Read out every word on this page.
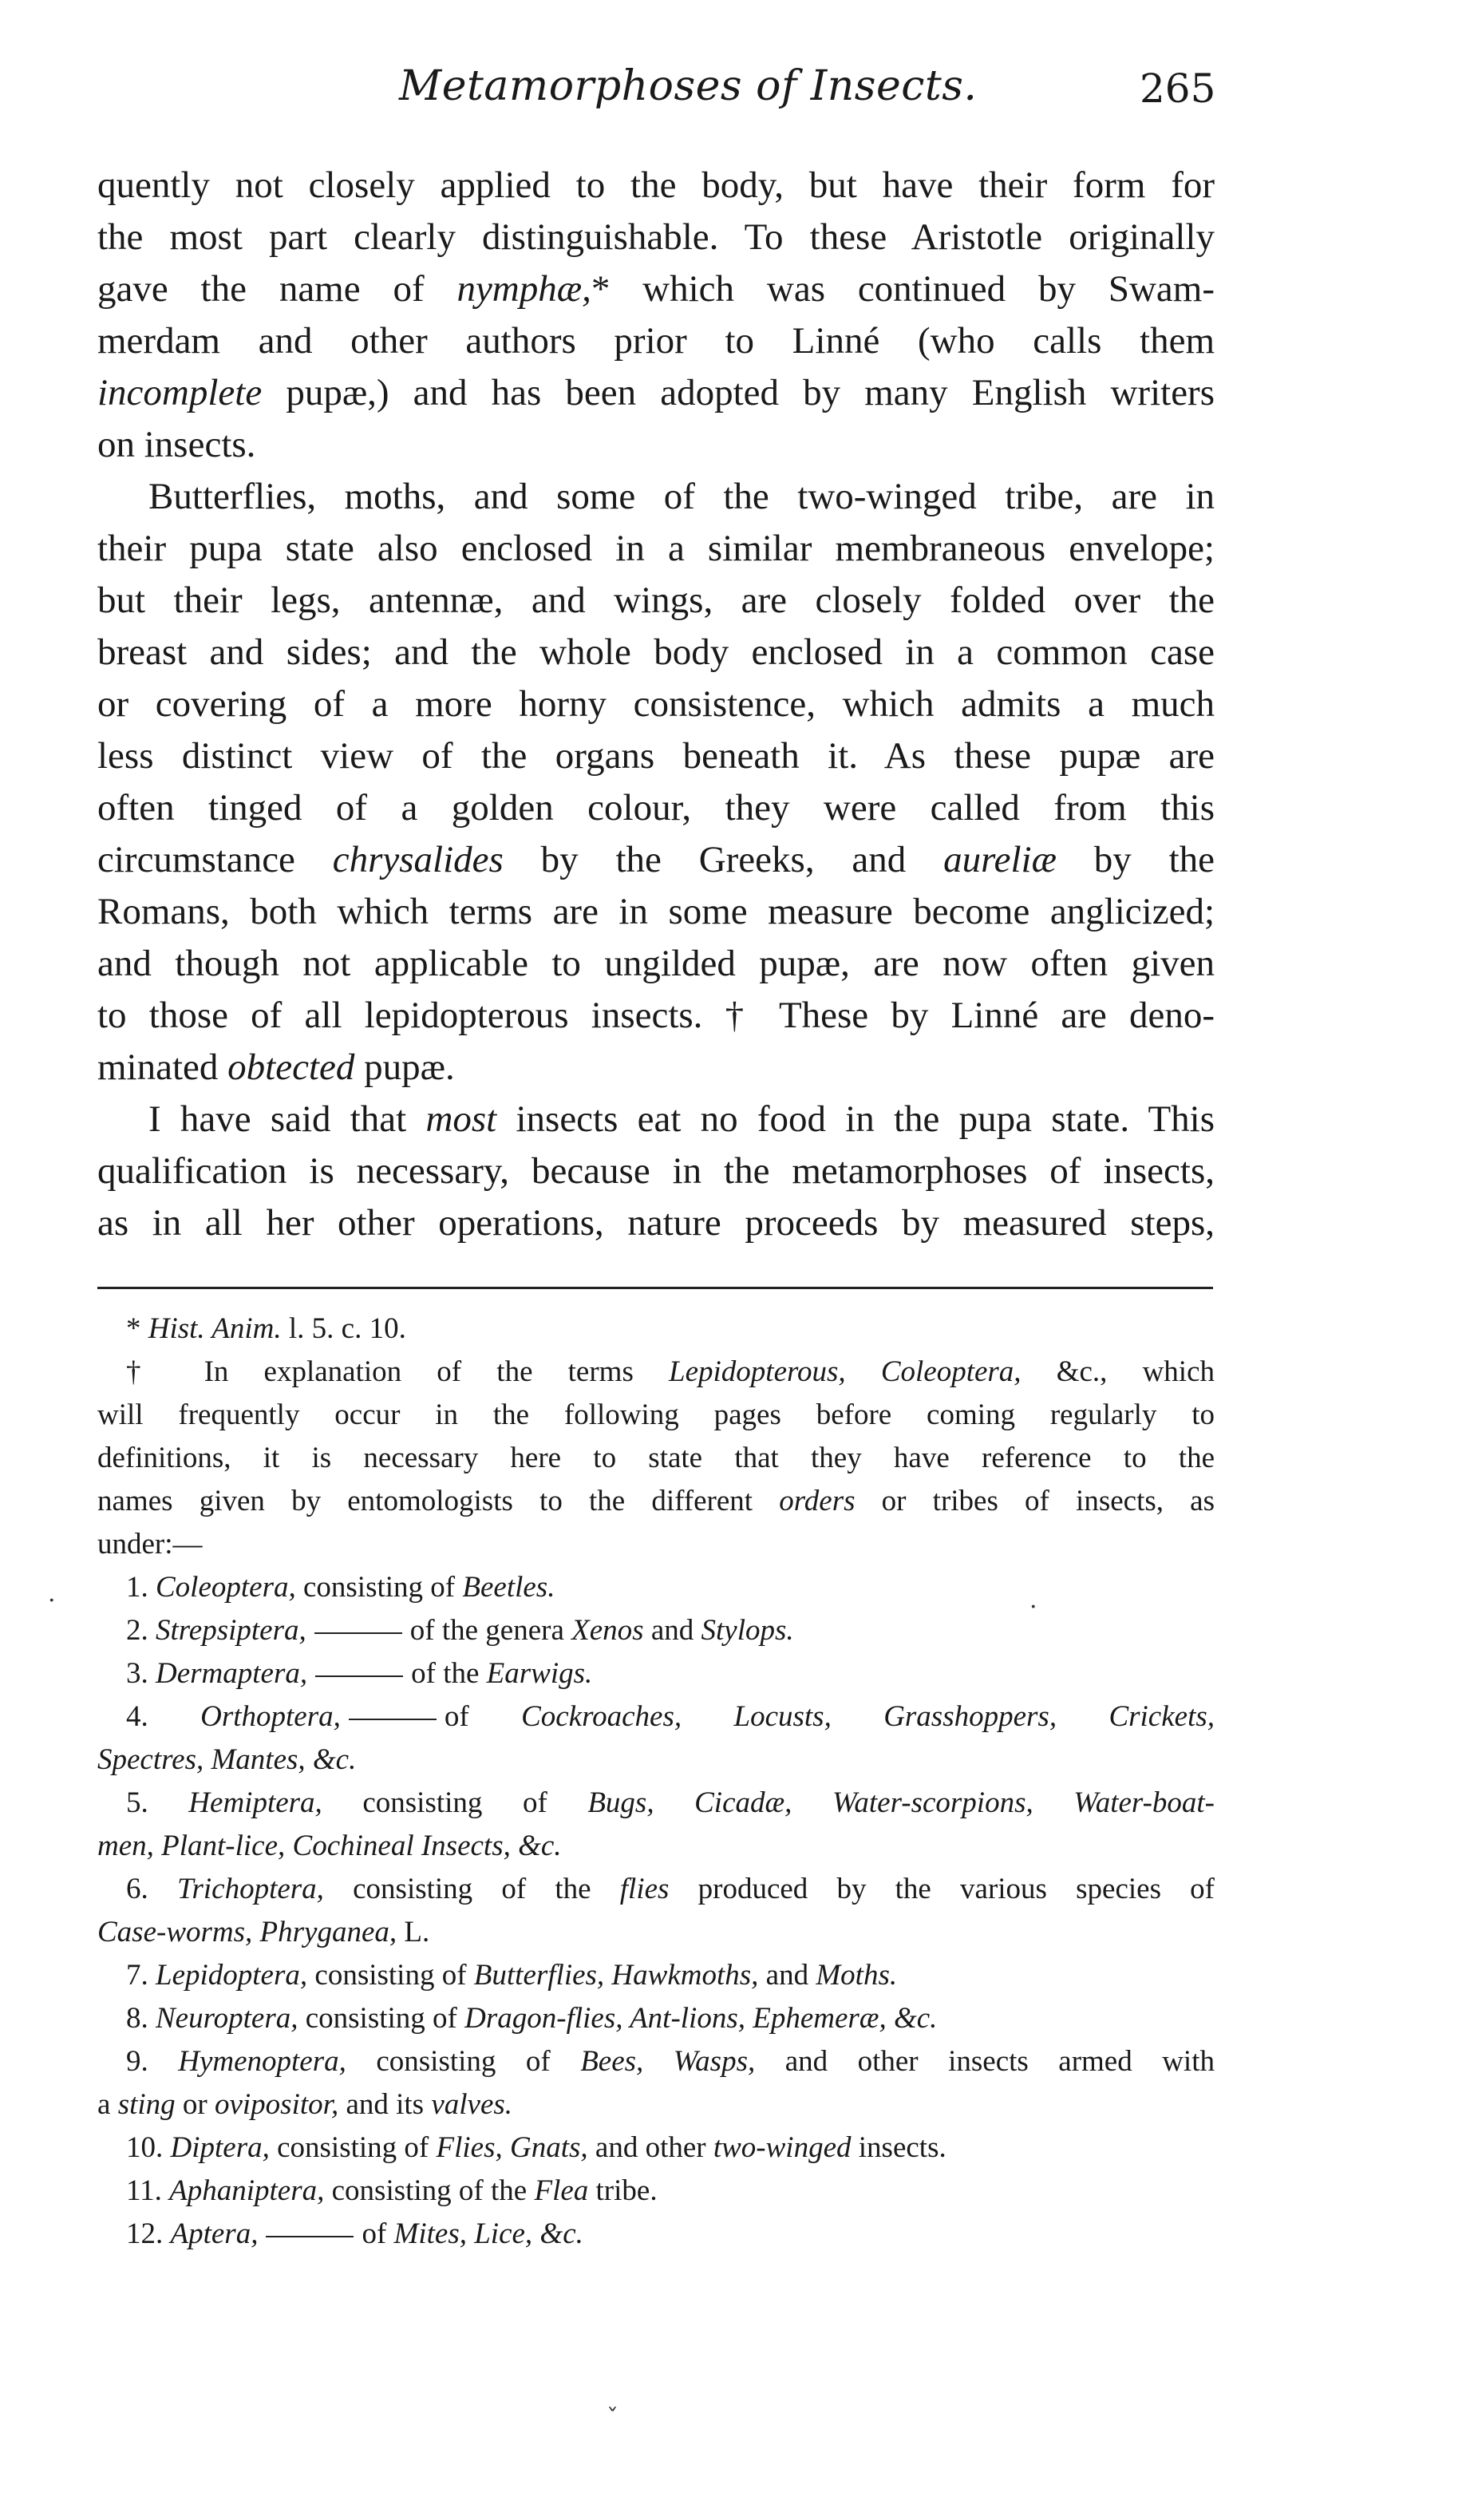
Metamorphoses of Insects.	265

quently not closely applied to the body, but have their form for
the most part clearly distinguishable. To these Aristotle originally
gave the name of nymphæ,* which was continued by Swam-
merdam and other authors prior to Linné (who calls them
incomplete pupæ,) and has been adopted by many English writers
on insects.

Butterflies, moths, and some of the two-winged tribe, are in
their pupa state also enclosed in a similar membraneous envelope;
but their legs, antennæ, and wings, are closely folded over the
breast and sides; and the whole body enclosed in a common case
or covering of a more horny consistence, which admits a much
less distinct view of the organs beneath it. As these pupæ are
often tinged of a golden colour, they were called from this
circumstance chrysalides by the Greeks, and aureliæ by the
Romans, both which terms are in some measure become anglicized;
and though not applicable to ungilded pupæ, are now often given
to those of all lepidopterous insects. † These by Linné are deno-
minated obtected pupæ.

I have said that most insects eat no food in the pupa state. This
qualification is necessary, because in the metamorphoses of insects,
as in all her other operations, nature proceeds by measured steps,

* Hist. Anim. l. 5. c. 10.
† In explanation of the terms Lepidopterous, Coleoptera, &c., which
will frequently occur in the following pages before coming regularly to
definitions, it is necessary here to state that they have reference to the
names given by entomologists to the different orders or tribes of insects, as
under:—
1. Coleoptera, consisting of Beetles.
2. Strepsiptera,	of the genera Xenos and Stylops.
3. Dermaptera,	of the Earwigs.
4. Orthoptera,	of Cockroaches, Locusts, Grasshoppers, Crickets,
Spectres, Mantes, &c.
5. Hemiptera, consisting of Bugs, Cicadæ, Water-scorpions, Water-boat-
men, Plant-lice, Cochineal Insects, &c.
6. Trichoptera, consisting of the flies produced by the various species of
Case-worms, Phryganea, L.
7. Lepidoptera, consisting of Butterflies, Hawkmoths, and Moths.
8. Neuroptera, consisting of Dragon-flies, Ant-lions, Ephemeræ, &c.
9. Hymenoptera, consisting of Bees, Wasps, and other insects armed with
a sting or ovipositor, and its valves.
10. Diptera, consisting of Flies, Gnats, and other two-winged insects.
11. Aphaniptera, consisting of the Flea tribe.
12. Aptera,	of Mites, Lice, &c.
·	·
ˇ
